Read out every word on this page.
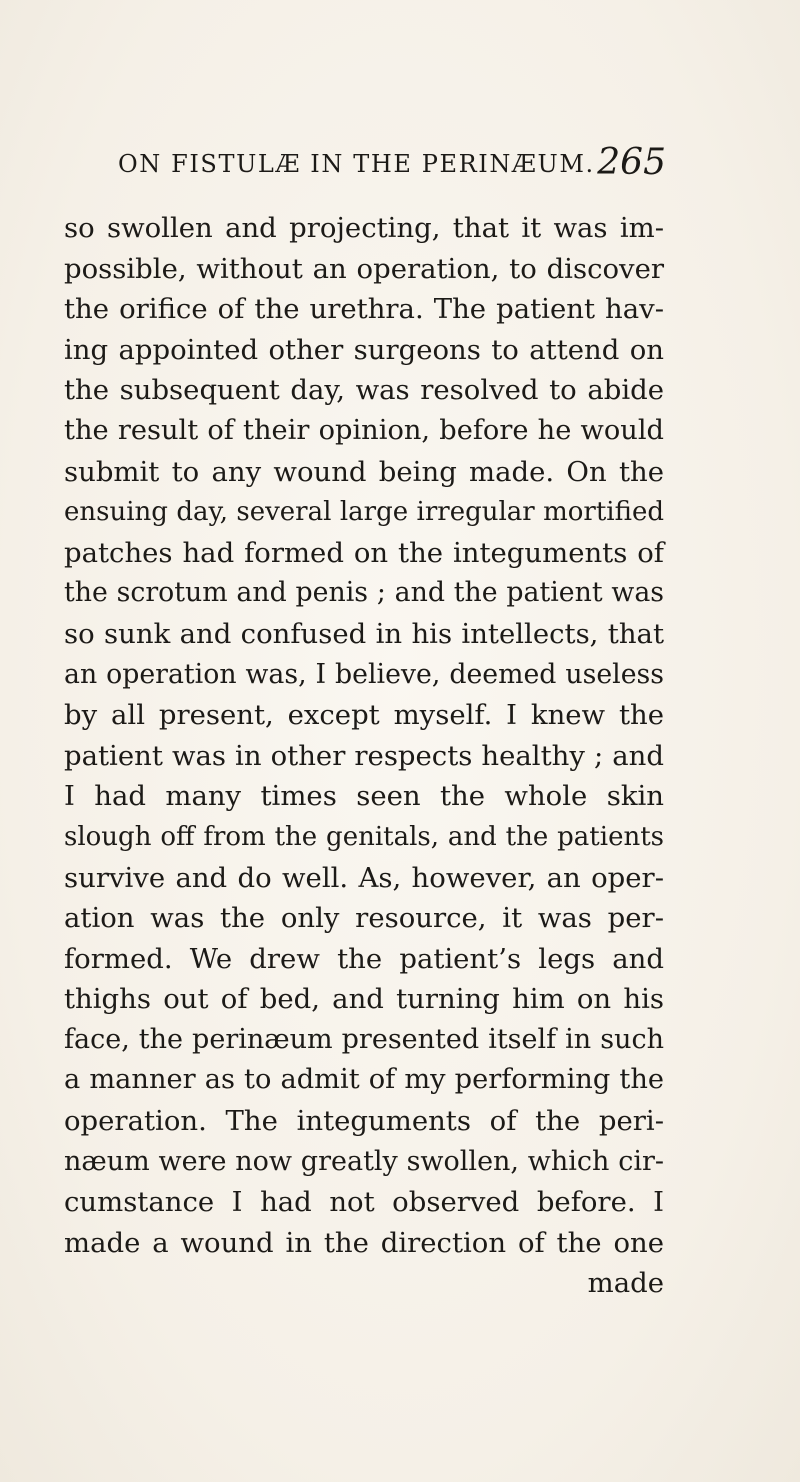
ON FISTULÆ IN THE PERINÆUM. 265
so swollen and projecting, that it was im-
possible, without an operation, to discover
the orifice of the urethra. The patient hav-
ing appointed other surgeons to attend on
the subsequent day, was resolved to abide
the result of their opinion, before he would
submit to any wound being made. On the
ensuing day, several large irregular mortified
patches had formed on the integuments of
the scrotum and penis ; and the patient was
so sunk and confused in his intellects, that
an operation was, I believe, deemed useless
by all present, except myself. I knew the
patient was in other respects healthy ; and
I had many times seen the whole skin
slough off from the genitals, and the patients
survive and do well. As, however, an oper-
ation was the only resource, it was per-
formed. We drew the patient’s legs and
thighs out of bed, and turning him on his
face, the perinæum presented itself in such
a manner as to admit of my performing the
operation. The integuments of the peri-
næum were now greatly swollen, which cir-
cumstance I had not observed before. I
made a wound in the direction of the one
made
